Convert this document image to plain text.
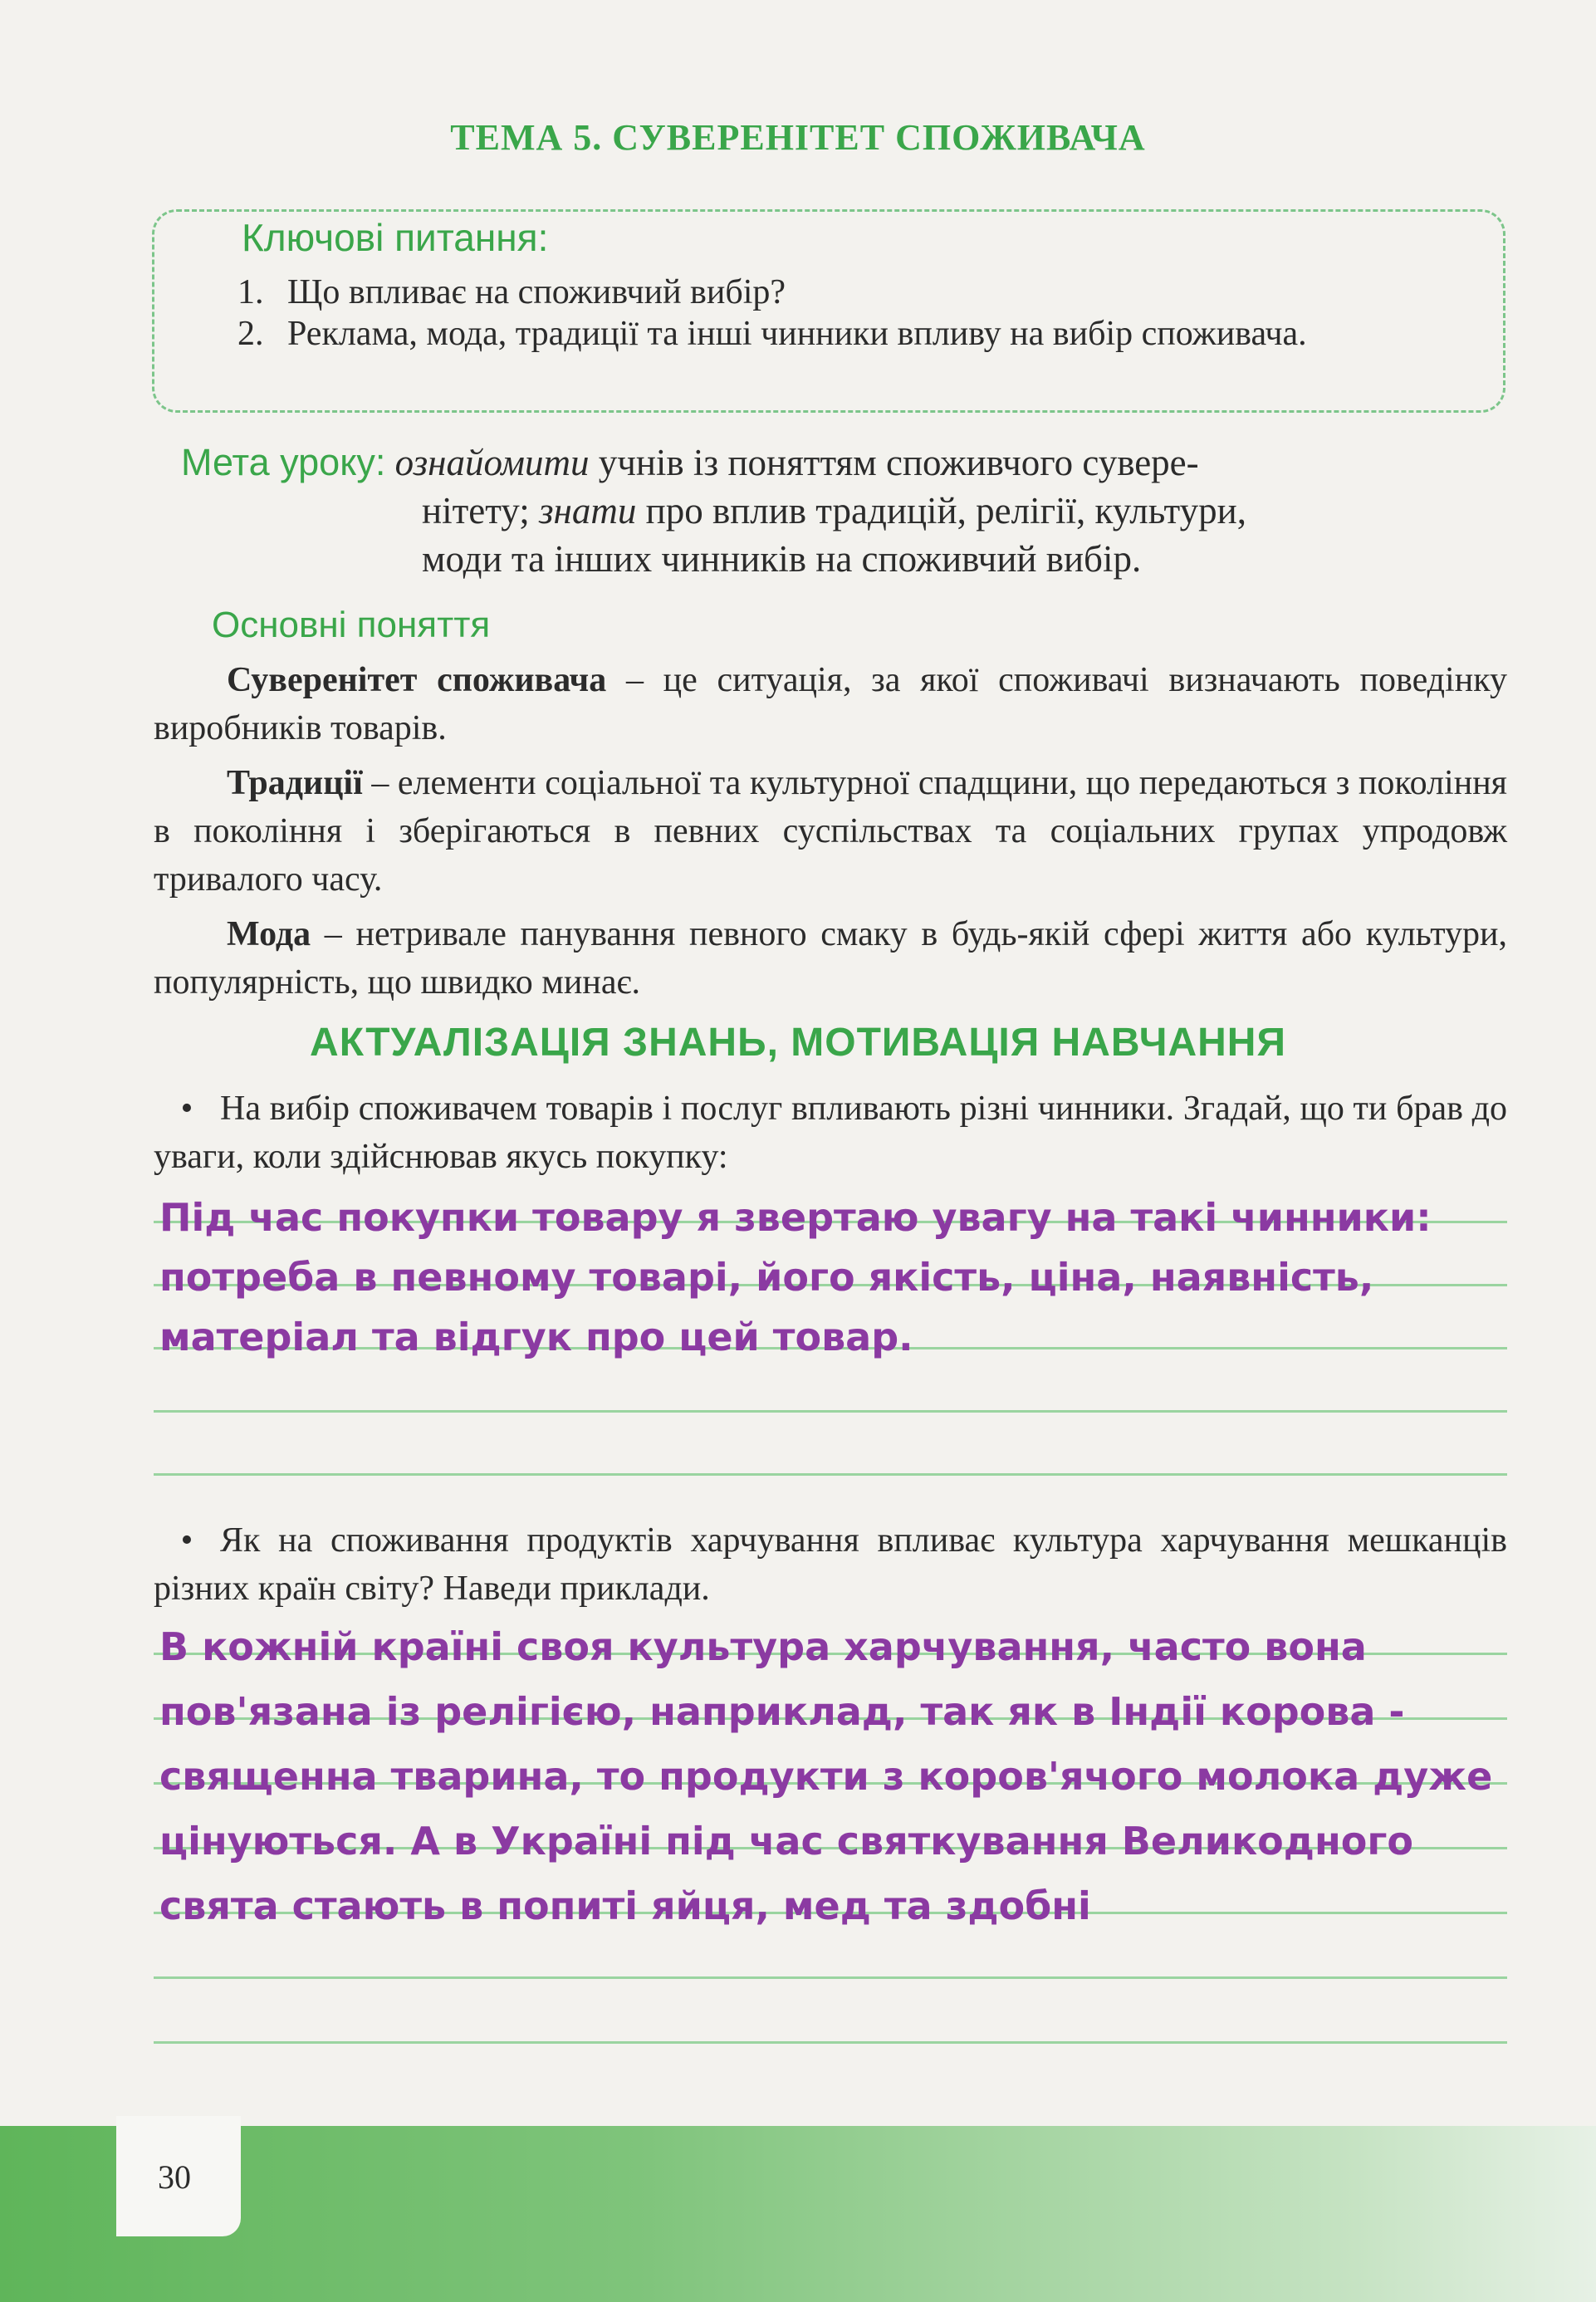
ТЕМА 5. СУВЕРЕНІТЕТ СПОЖИВАЧА
Ключові питання:
1. Що впливає на споживчий вибір?
2. Реклама, мода, традиції та інші чинники впливу на вибір споживача.
Мета уроку: ознайомити учнів із поняттям споживчого сувере-
нітету; знати про вплив традицій, релігії, культури,
моди та інших чинників на споживчий вибір.
Основні поняття

Суверенітет споживача – це ситуація, за якої споживачі визначають поведінку виробників товарів.

Традиції – елементи соціальної та культурної спадщини, що передаються з покоління в покоління і зберігаються в певних суспільствах та соціальних групах упродовж тривалого часу.

Мода – нетривале панування певного смаку в будь-якій сфері життя або культури, популярність, що швидко минає.

АКТУАЛІЗАЦІЯ ЗНАНЬ, МОТИВАЦІЯ НАВЧАННЯ
• На вибір споживачем товарів і послуг впливають різні чинники. Згадай, що ти брав до уваги, коли здійснював якусь покупку:
Під час покупки товару я звертаю увагу на такі чинники:
потреба в певному товарі, його якість, ціна, наявність,
матеріал та відгук про цей товар.
• Як на споживання продуктів харчування впливає культура харчування мешканців різних країн світу? Наведи приклади.
В кожній країні своя культура харчування, часто вона
пов'язана із релігією, наприклад, так як в Індії корова -
священна тварина, то продукти з коров'ячого молока дуже
цінуються. А в Україні під час святкування Великодного
свята стають в попиті яйця, мед та здобні
30
